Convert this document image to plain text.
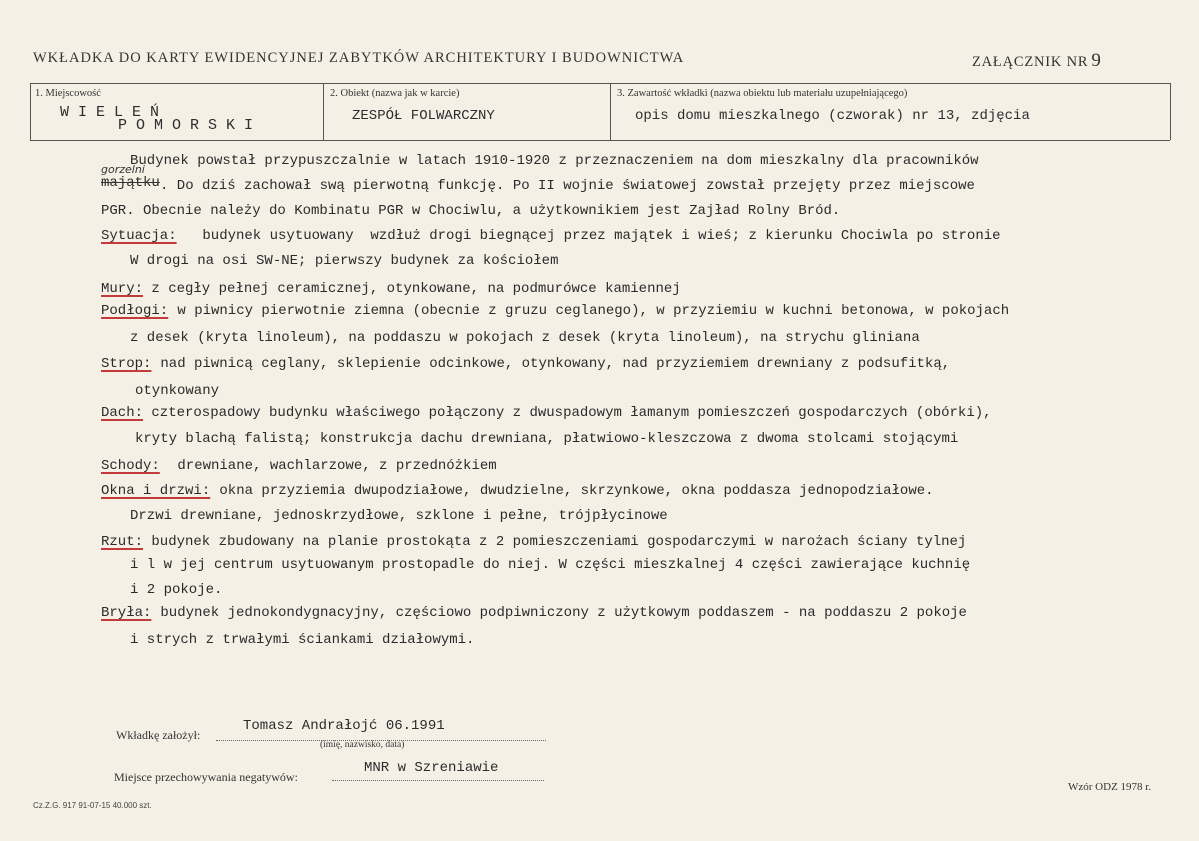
WKŁADKA DO KARTY EWIDENCYJNEJ ZABYTKÓW ARCHITEKTURY I BUDOWNICTWA	ZAŁĄCZNIK NR 9
1. Miejscowość
WIELEŃ
POMORSKI
2. Obiekt (nazwa jak w karcie)
ZESPÓŁ FOLWARCZNY
3. Zawartość wkładki (nazwa obiektu lub materiału uzupełniającego)
opis domu mieszkalnego (czworak) nr 13, zdjęcia
Budynek powstał przypuszczalnie w latach 1910-1920 z przeznaczeniem na dom mieszkalny dla pracowników
gorzelni
majątku . Do dziś zachował swą pierwotną funkcję. Po II wojnie światowej zowstał przejęty przez miejscowe
PGR. Obecnie należy do Kombinatu PGR w Chociwlu, a użytkownikiem jest Zajład Rolny Bród.
Sytuacja: budynek usytuowany  wzdłuż drogi biegnącej przez majątek i wieś; z kierunku Chociwla po stronie
W drogi na osi SW-NE; pierwszy budynek za kościołem
Mury: z cegły pełnej ceramicznej, otynkowane, na podmurówce kamiennej
Podłogi: w piwnicy pierwotnie ziemna (obecnie z gruzu ceglanego), w przyziemiu w kuchni betonowa, w pokojach
z desek (kryta linoleum), na poddaszu w pokojach z desek (kryta linoleum), na strychu gliniana
Strop: nad piwnicą ceglany, sklepienie odcinkowe, otynkowany, nad przyziemiem drewniany z podsufitką,
otynkowany
Dach: czterospadowy budynku właściwego połączony z dwuspadowym łamanym pomieszczeń gospodarczych (obórki),
kryty blachą falistą; konstrukcja dachu drewniana, płatwiowo-kleszczowa z dwoma stolcami stojącymi
Schody: drewniane, wachlarzowe, z przednóżkiem
Okna i drzwi: okna przyziemia dwupodziałowe, dwudzielne, skrzynkowe, okna poddasza jednopodziałowe.
Drzwi drewniane, jednoskrzydłowe, szklone i pełne, trójpłycinowe
Rzut: budynek zbudowany na planie prostokąta z 2 pomieszczeniami gospodarczymi w narożach ściany tylnej
i l w jej centrum usytuowanym prostopadle do niej. W części mieszkalnej 4 części zawierające kuchnię
i 2 pokoje.
Bryła: budynek jednokondygnacyjny, częściowo podpiwniczony z użytkowym poddaszem - na poddaszu 2 pokoje
i strych z trwałymi ściankami działowymi.
Wkładkę założył:
Tomasz Andrałojć 06.1991
(imię, nazwisko, data)
Miejsce przechowywania negatywów:
MNR w Szreniawie
Wzór ODZ 1978 r.
Cz.Z.G. 917 91-07-15 40.000 szt.
